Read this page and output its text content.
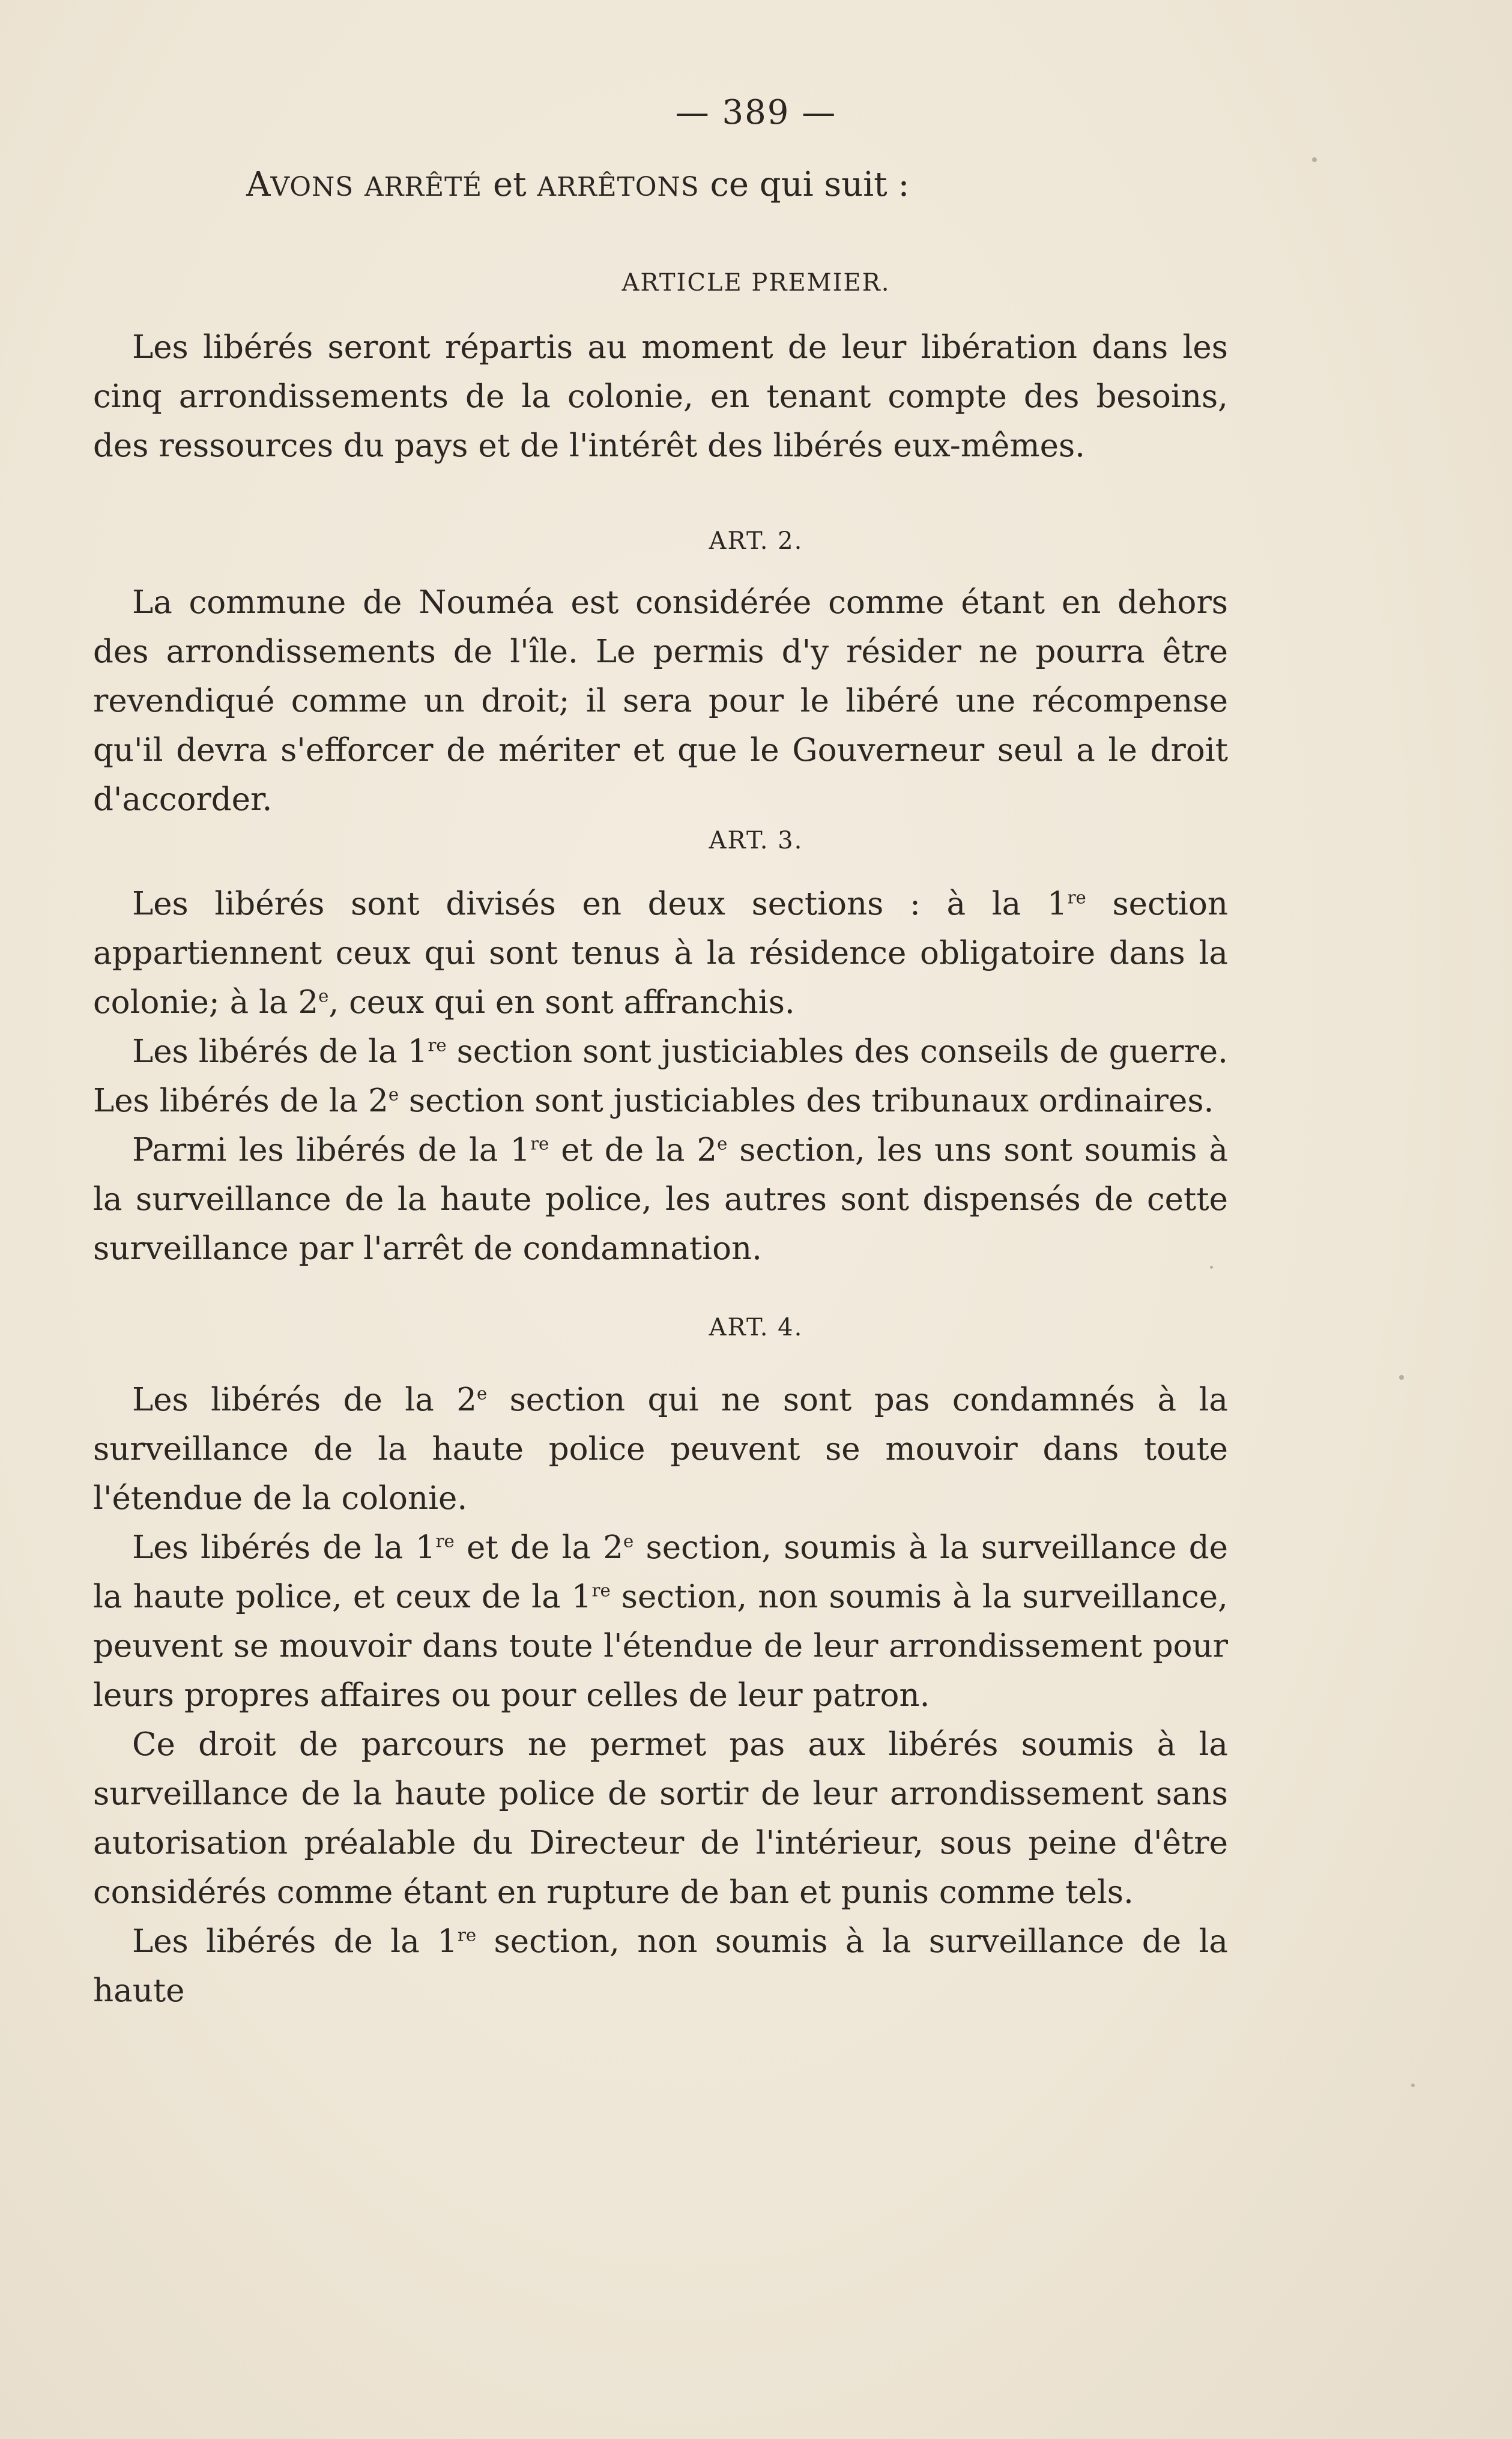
— 389 —
AVONS ARRÊTÉ et ARRÊTONS ce qui suit :
ARTICLE PREMIER.
Les libérés seront répartis au moment de leur libération dans les cinq arrondissements de la colonie, en tenant compte des besoins, des ressources du pays et de l'intérêt des libérés eux-mêmes.
ART. 2.
La commune de Nouméa est considérée comme étant en dehors des arrondissements de l'île. Le permis d'y résider ne pourra être revendiqué comme un droit; il sera pour le libéré une récompense qu'il devra s'efforcer de mériter et que le Gouverneur seul a le droit d'accorder.
ART. 3.
Les libérés sont divisés en deux sections : à la 1re section appartiennent ceux qui sont tenus à la résidence obligatoire dans la colonie; à la 2e, ceux qui en sont affranchis.
Les libérés de la 1re section sont justiciables des conseils de guerre. Les libérés de la 2e section sont justiciables des tribunaux ordinaires.
Parmi les libérés de la 1re et de la 2e section, les uns sont soumis à la surveillance de la haute police, les autres sont dispensés de cette surveillance par l'arrêt de condamnation.
ART. 4.
Les libérés de la 2e section qui ne sont pas condamnés à la surveillance de la haute police peuvent se mouvoir dans toute l'étendue de la colonie.
Les libérés de la 1re et de la 2e section, soumis à la surveillance de la haute police, et ceux de la 1re section, non soumis à la surveillance, peuvent se mouvoir dans toute l'étendue de leur arrondissement pour leurs propres affaires ou pour celles de leur patron.
Ce droit de parcours ne permet pas aux libérés soumis à la surveillance de la haute police de sortir de leur arrondissement sans autorisation préalable du Directeur de l'intérieur, sous peine d'être considérés comme étant en rupture de ban et punis comme tels.
Les libérés de la 1re section, non soumis à la surveillance de la haute
